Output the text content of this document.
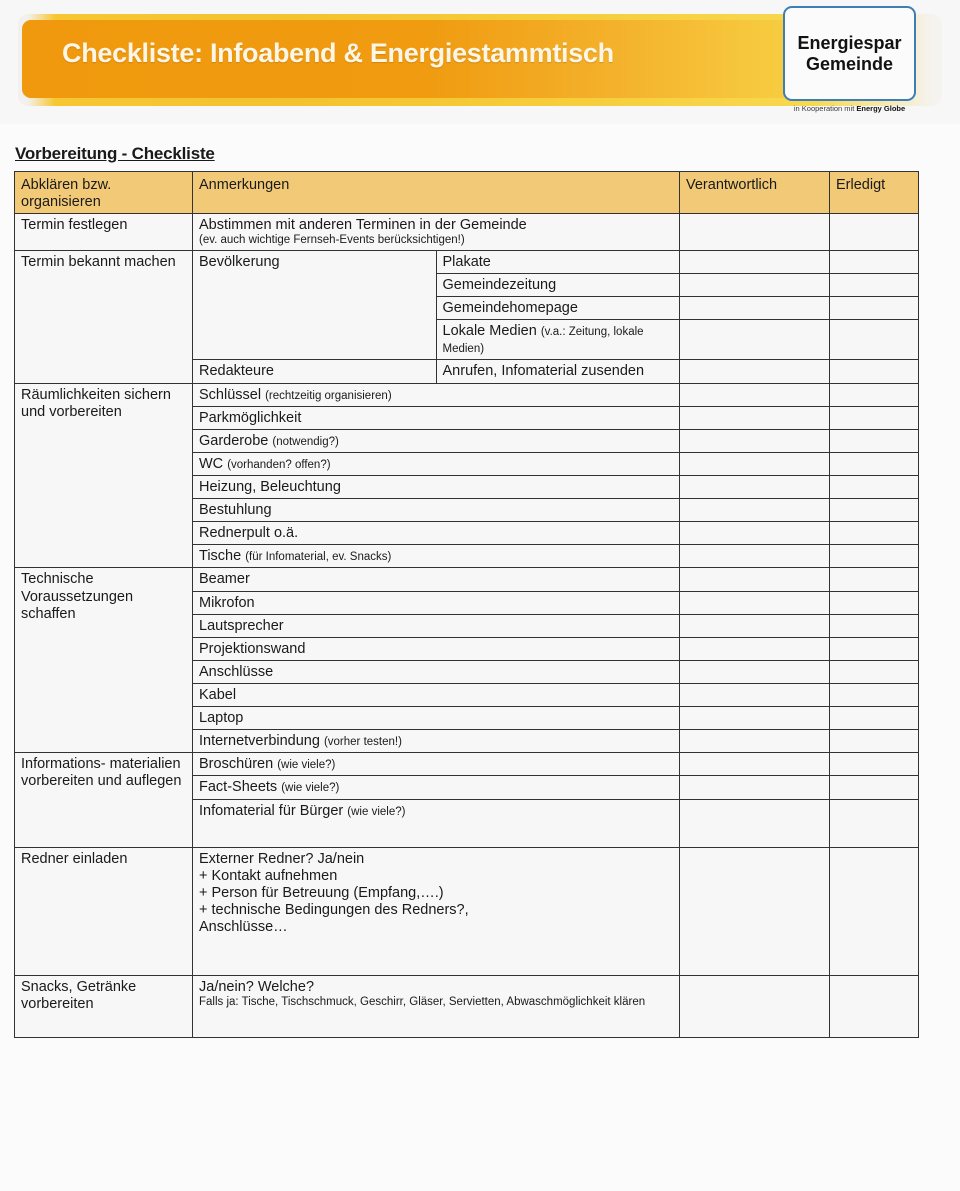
Checkliste: Infoabend & Energiestammtisch	Energiespar
Gemeinde
in Kooperation mit Energy Globe
Vorbereitung - Checkliste
Abklären bzw. organisieren	Anmerkungen		Verantwortlich	Erledigt
Termin festlegen	Abstimmen mit anderen Terminen in der Gemeinde
(ev. auch wichtige Fernseh-Events berücksichtigen!)			

Termin bekannt machen	Bevölkerung	Plakate		
		Gemeindezeitung		
		Gemeindehomepage		
		Lokale Medien (v.a.: Zeitung, lokale Medien)		
	Redakteure	Anrufen, Infomaterial zusenden		
Räumlichkeiten sichern und vorbereiten	Schlüssel (rechtzeitig organisieren)			
	Parkmöglichkeit			
	Garderobe (notwendig?)			
	WC (vorhanden? offen?)			
	Heizung, Beleuchtung			
	Bestuhlung			
	Rednerpult o.ä.			
	Tische (für Infomaterial, ev. Snacks)			
Technische Voraussetzungen schaffen	Beamer			
	Mikrofon			
	Lautsprecher			
	Projektionswand			
	Anschlüsse			
	Kabel			
	Laptop			
	Internetverbindung (vorher testen!)			
Informations- materialien vorbereiten und auflegen	Broschüren (wie viele?)			
	Fact-Sheets (wie viele?)			
	Infomaterial für Bürger (wie viele?)			
Redner einladen	Externer Redner? Ja/nein
+ Kontakt aufnehmen
+ Person für Betreuung (Empfang,….)
+ technische Bedingungen des Redners?,
Anschlüsse…			

Snacks, Getränke vorbereiten	Ja/nein? Welche?
Falls ja: Tische, Tischschmuck, Geschirr, Gläser, Servietten, Abwaschmöglichkeit klären			
